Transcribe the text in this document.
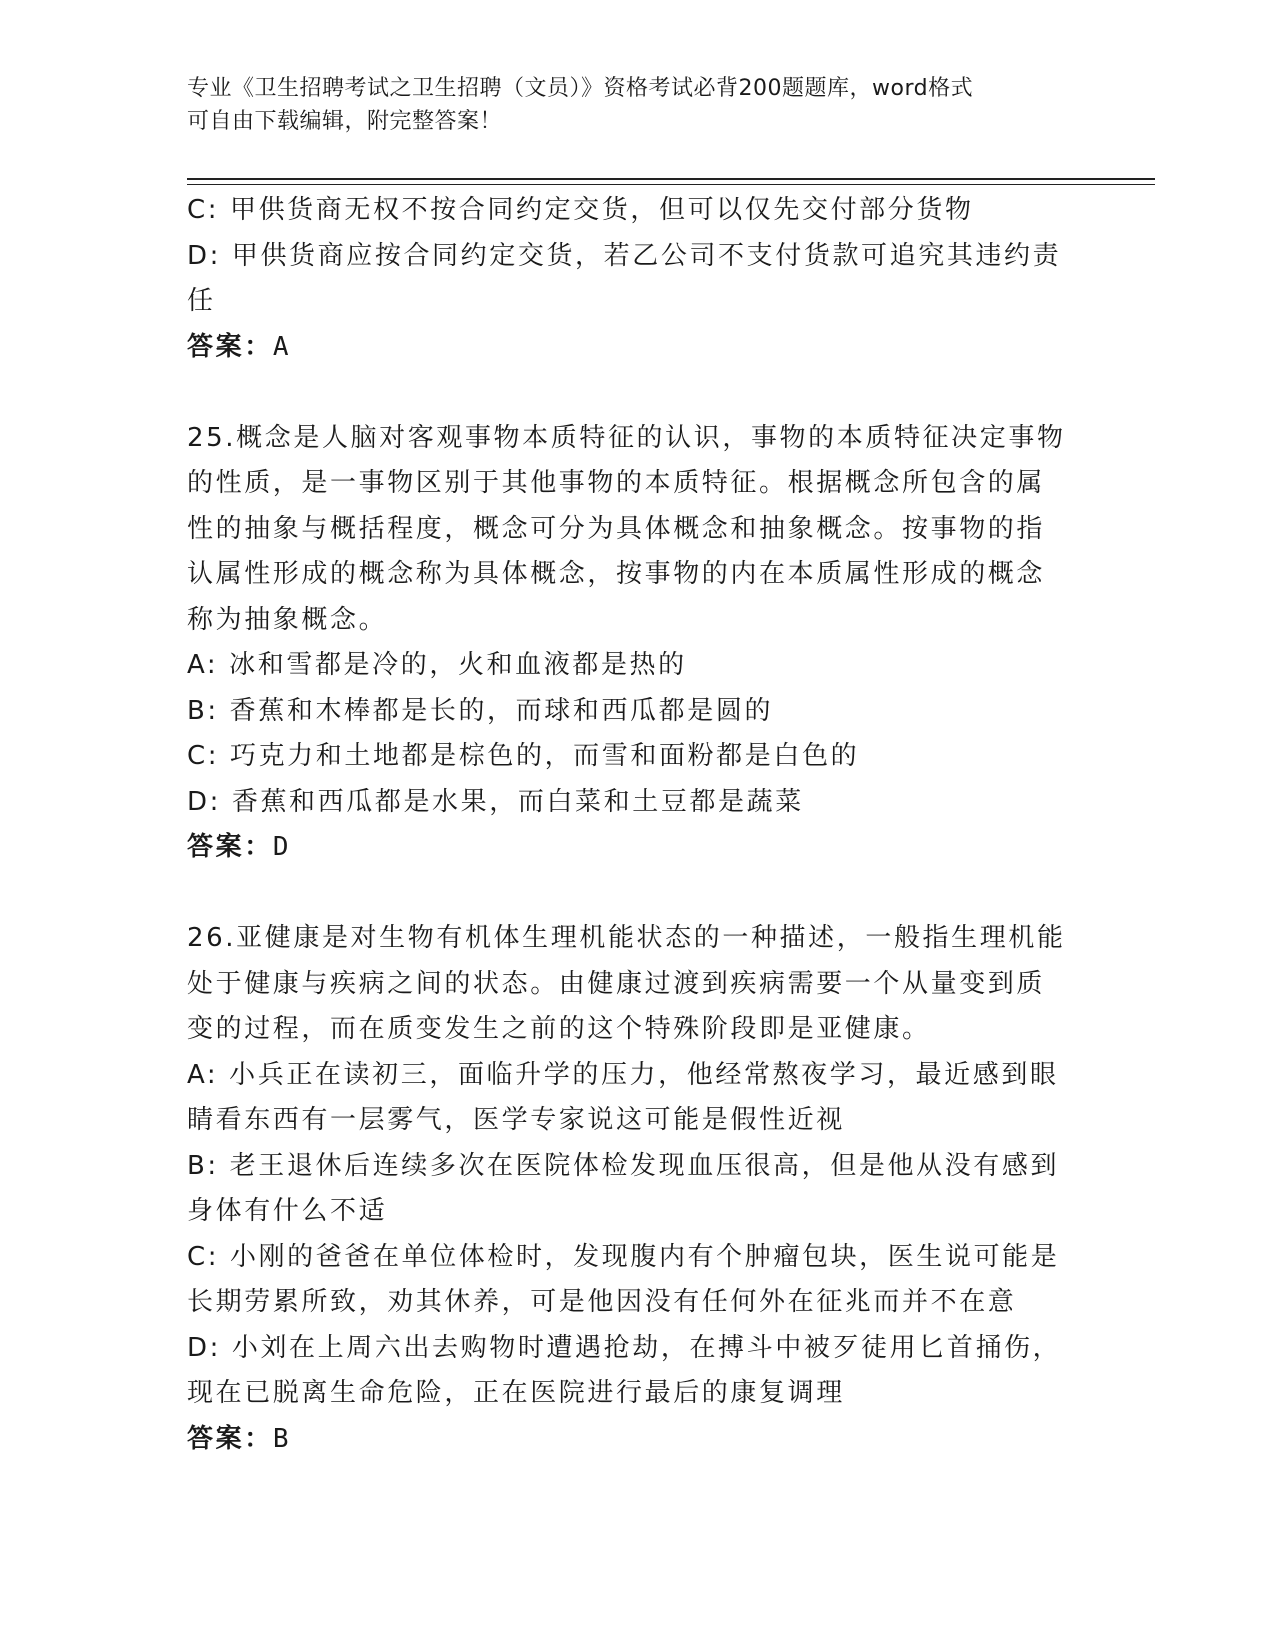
专业《卫生招聘考试之卫生招聘（文员）》资格考试必背200题题库，word格式
可自由下载编辑，附完整答案！
C: 甲供货商无权不按合同约定交货，但可以仅先交付部分货物
D: 甲供货商应按合同约定交货，若乙公司不支付货款可追究其违约责
任
答案：A
25.概念是人脑对客观事物本质特征的认识，事物的本质特征决定事物
的性质，是一事物区别于其他事物的本质特征。根据概念所包含的属
性的抽象与概括程度，概念可分为具体概念和抽象概念。按事物的指
认属性形成的概念称为具体概念，按事物的内在本质属性形成的概念
称为抽象概念。
A: 冰和雪都是冷的，火和血液都是热的
B: 香蕉和木棒都是长的，而球和西瓜都是圆的
C: 巧克力和土地都是棕色的，而雪和面粉都是白色的
D: 香蕉和西瓜都是水果，而白菜和土豆都是蔬菜
答案：D
26.亚健康是对生物有机体生理机能状态的一种描述，一般指生理机能
处于健康与疾病之间的状态。由健康过渡到疾病需要一个从量变到质
变的过程，而在质变发生之前的这个特殊阶段即是亚健康。
A: 小兵正在读初三，面临升学的压力，他经常熬夜学习，最近感到眼
睛看东西有一层雾气，医学专家说这可能是假性近视
B: 老王退休后连续多次在医院体检发现血压很高，但是他从没有感到
身体有什么不适
C: 小刚的爸爸在单位体检时，发现腹内有个肿瘤包块，医生说可能是
长期劳累所致，劝其休养，可是他因没有任何外在征兆而并不在意
D: 小刘在上周六出去购物时遭遇抢劫，在搏斗中被歹徒用匕首捅伤，
现在已脱离生命危险，正在医院进行最后的康复调理
答案：B
